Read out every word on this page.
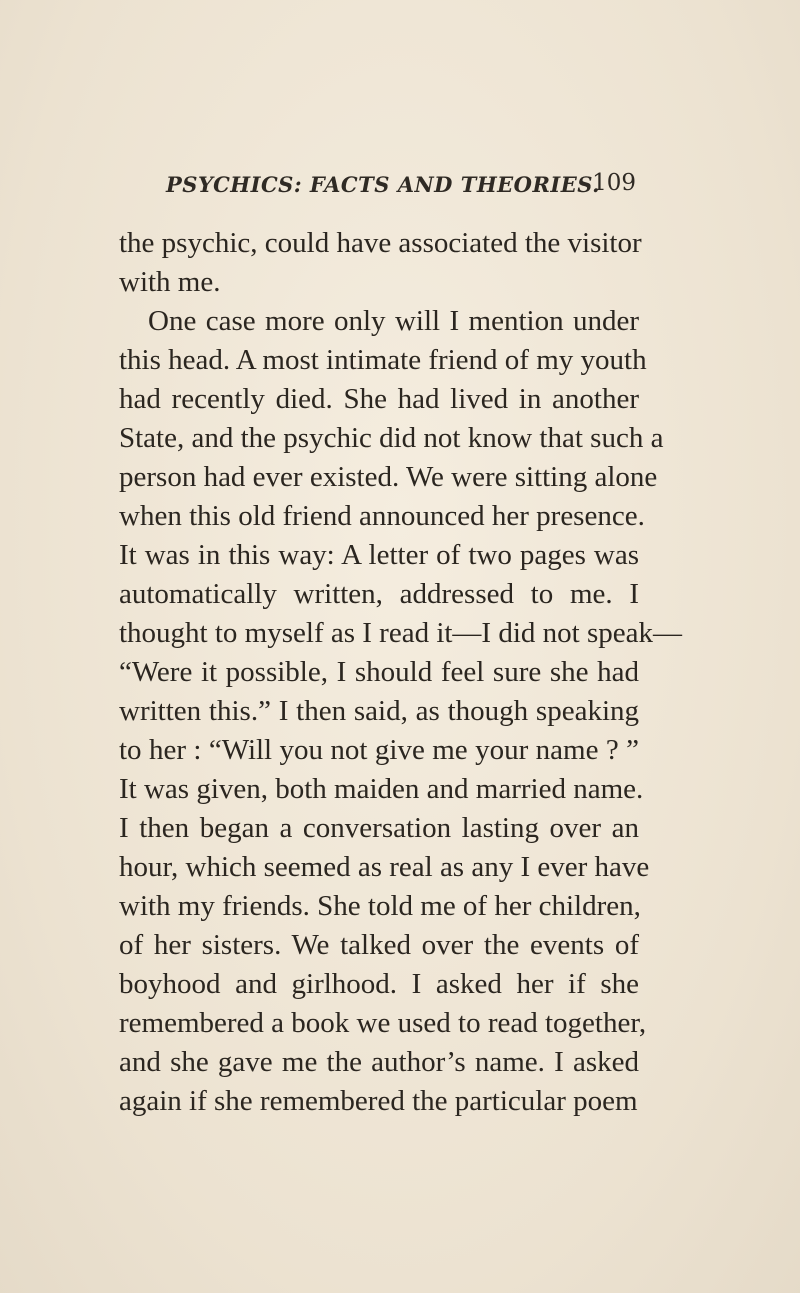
PSYCHICS: FACTS AND THEORIES.
109
the psychic, could have associated the visitor
with me.
One case more only will I mention under
this head. A most intimate friend of my youth
had recently died. She had lived in another
State, and the psychic did not know that such a
person had ever existed. We were sitting alone
when this old friend announced her presence.
It was in this way: A letter of two pages was
automatically written, addressed to me. I
thought to myself as I read it—I did not speak—
“Were it possible, I should feel sure she had
written this.” I then said, as though speaking
to her : “Will you not give me your name ? ”
It was given, both maiden and married name.
I then began a conversation lasting over an
hour, which seemed as real as any I ever have
with my friends. She told me of her children,
of her sisters. We talked over the events of
boyhood and girlhood. I asked her if she
remembered a book we used to read together,
and she gave me the author’s name. I asked
again if she remembered the particular poem
